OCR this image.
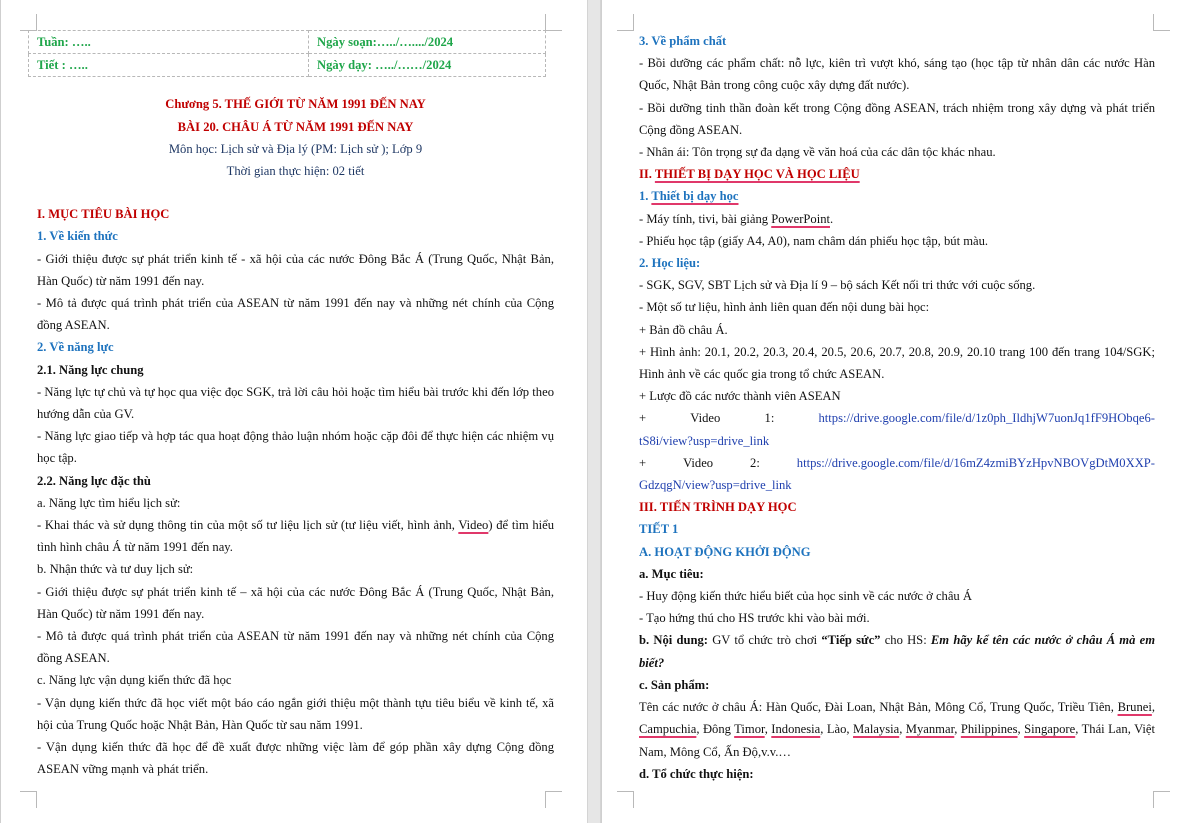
Tuần: …..	Ngày soạn:…../…..../2024
Tiết : …..	Ngày dạy: …../……/2024
Chương 5. THẾ GIỚI TỪ NĂM 1991 ĐẾN NAY
BÀI 20. CHÂU Á TỪ NĂM 1991 ĐẾN NAY
Môn học: Lịch sử và Địa lý (PM: Lịch sử ); Lớp 9
Thời gian thực hiện: 02 tiết
I. MỤC TIÊU BÀI HỌC
1. Về kiến thức
- Giới thiệu được sự phát triển kinh tế - xã hội của các nước Đông Bắc Á (Trung Quốc, Nhật Bản, Hàn Quốc) từ năm 1991 đến nay.
- Mô tả được quá trình phát triển của ASEAN từ năm 1991 đến nay và những nét chính của Cộng đồng ASEAN.
2. Về năng lực
2.1. Năng lực chung
- Năng lực tự chủ và tự học qua việc đọc SGK, trả lời câu hỏi hoặc tìm hiểu bài trước khi đến lớp theo hướng dẫn của GV.
- Năng lực giao tiếp và hợp tác qua hoạt động thảo luận nhóm hoặc cặp đôi để thực hiện các nhiệm vụ học tập.
2.2. Năng lực đặc thù
a. Năng lực tìm hiểu lịch sử:
- Khai thác và sử dụng thông tin của một số tư liệu lịch sử (tư liệu viết, hình ảnh, Video) để tìm hiểu tình hình châu Á từ năm 1991 đến nay.
b. Nhận thức và tư duy lịch sử:
- Giới thiệu được sự phát triển kinh tế – xã hội của các nước Đông Bắc Á (Trung Quốc, Nhật Bản, Hàn Quốc) từ năm 1991 đến nay.
- Mô tả được quá trình phát triển của ASEAN từ năm 1991 đến nay và những nét chính của Cộng đồng ASEAN.
c. Năng lực vận dụng kiến thức đã học
- Vận dụng kiến thức đã học viết một báo cáo ngắn giới thiệu một thành tựu tiêu biểu về kinh tế, xã hội của Trung Quốc hoặc Nhật Bản, Hàn Quốc từ sau năm 1991.
- Vận dụng kiến thức đã học để đề xuất được những việc làm để góp phần xây dựng Cộng đồng ASEAN vững mạnh và phát triển.
3. Về phẩm chất
- Bồi dưỡng các phẩm chất: nỗ lực, kiên trì vượt khó, sáng tạo (học tập từ nhân dân các nước Hàn Quốc, Nhật Bản trong công cuộc xây dựng đất nước).
- Bồi dưỡng tinh thần đoàn kết trong Cộng đồng ASEAN, trách nhiệm trong xây dựng và phát triển Cộng đồng ASEAN.
- Nhân ái: Tôn trọng sự đa dạng về văn hoá của các dân tộc khác nhau.
II. THIẾT BỊ DẠY HỌC VÀ HỌC LIỆU
1. Thiết bị dạy học
- Máy tính, tivi, bài giảng PowerPoint.
- Phiếu học tập (giấy A4, A0), nam châm dán phiếu học tập, bút màu.
2. Học liệu:
- SGK, SGV, SBT Lịch sử và Địa lí 9 – bộ sách Kết nối tri thức với cuộc sống.
- Một số tư liệu, hình ảnh liên quan đến nội dung bài học:
+ Bản đồ châu Á.
+ Hình ảnh: 20.1, 20.2, 20.3, 20.4, 20.5, 20.6, 20.7, 20.8, 20.9, 20.10 trang 100 đến trang 104/SGK; Hình ảnh về các quốc gia trong tổ chức ASEAN.
+ Lược đồ các nước thành viên ASEAN
+	Video	1:	https://drive.google.com/file/d/1z0ph_IldhjW7uonJq1fF9HObqe6-
tS8i/view?usp=drive_link
+	Video	2:	https://drive.google.com/file/d/16mZ4zmiBYzHpvNBOVgDtM0XXP-
GdzqgN/view?usp=drive_link
III. TIẾN TRÌNH DẠY HỌC
TIẾT 1
A. HOẠT ĐỘNG KHỞI ĐỘNG
a. Mục tiêu:
- Huy động kiến thức hiểu biết của học sinh về các nước ở châu Á
- Tạo hứng thú cho HS trước khi vào bài mới.
b. Nội dung: GV tổ chức trò chơi “Tiếp sức” cho HS: Em hãy kể tên các nước ở châu Á mà em biết?
c. Sản phẩm:
Tên các nước ở châu Á: Hàn Quốc, Đài Loan, Nhật Bản, Mông Cổ, Trung Quốc, Triều Tiên, Brunei, Campuchia, Đông Timor, Indonesia, Lào, Malaysia, Myanmar, Philippines, Singapore, Thái Lan, Việt Nam, Mông Cổ, Ấn Độ,v.v.…
d. Tổ chức thực hiện:
